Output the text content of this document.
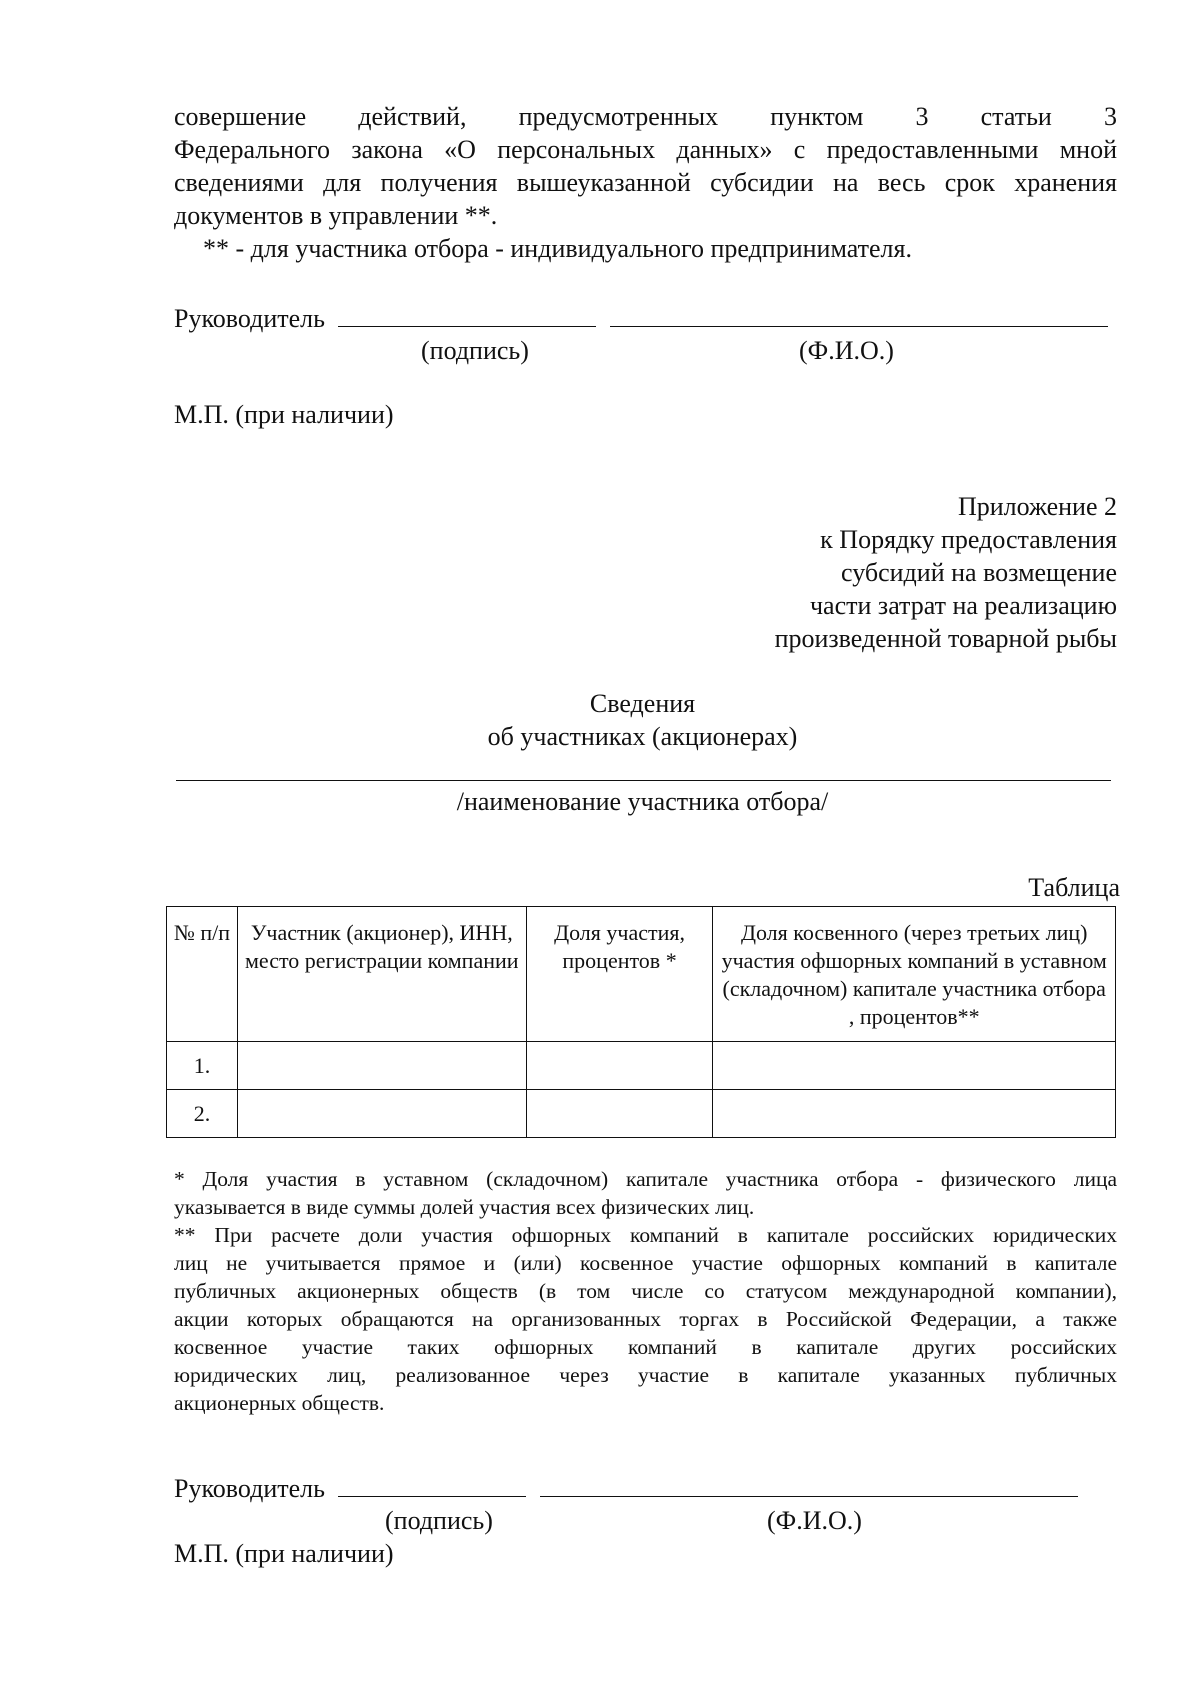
совершение действий, предусмотренных пунктом 3 статьи 3
Федерального закона «О персональных данных» с предоставленными мной
сведениями для получения вышеуказанной субсидии на весь срок хранения
документов в управлении **.
** - для участника отбора - индивидуального предпринимателя.
Руководитель
(подпись)	(Ф.И.О.)
М.П. (при наличии)
Приложение 2
к Порядку предоставления
субсидий на возмещение
части затрат на реализацию
произведенной товарной рыбы
Сведения
об участниках (акционерах)
/наименование участника отбора/
Таблица
№ п/п	Участник (акционер), ИНН, место регистрации компании	Доля участия, процентов *	Доля косвенного (через третьих лиц) участия офшорных компаний в уставном (складочном) капитале участника отбора , процентов**
1.			
2.			
* Доля участия в уставном (складочном) капитале участника отбора - физического лица
указывается в виде суммы долей участия всех физических лиц.
** При расчете доли участия офшорных компаний в капитале российских юридических
лиц не учитывается прямое и (или) косвенное участие офшорных компаний в капитале
публичных акционерных обществ (в том числе со статусом международной компании),
акции которых обращаются на организованных торгах в Российской Федерации, а также
косвенное участие таких офшорных компаний в капитале других российских
юридических лиц, реализованное через участие в капитале указанных публичных
акционерных обществ.
Руководитель
(подпись)	(Ф.И.О.)
М.П. (при наличии)
